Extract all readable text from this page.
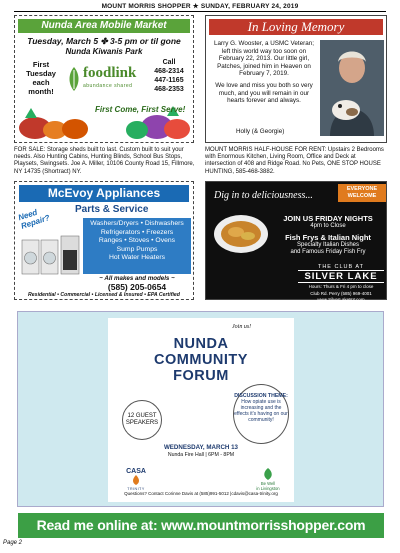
MOUNT MORRIS SHOPPER ★ SUNDAY, FEBRUARY 24, 2019
Nunda Area Mobile Market
Tuesday, March 5 ✤ 3-5 pm or til gone
Nunda Kiwanis Park
First
Tuesday
each
month!
foodlink
abundance shared
Call
468-2314
447-1165
468-2353
First Come, First Serve!
In Loving Memory

Larry G. Wooster, a USMC Veteran; left this world way too soon on February 22, 2013. Our little girl, Patches, joined him in Heaven on February 7, 2019.

We love and miss you both so very much, and you will remain in our hearts forever and always.

Holly (& Georgie)
FOR SALE: Storage sheds built to last. Custom built to suit your needs. Also Hunting Cabins, Hunting Blinds, School Bus Stops, Playsets, Swingsets. Joe A. Miller, 10106 County Road 15, Fillmore, NY 14735 (Shortract) NY.
MOUNT MORRIS HALF-HOUSE FOR RENT: Upstairs 2 Bedrooms with Enormous Kitchen, Living Room, Office and Deck at intersection of 408 and Ridge Road. No Pets, ONE STOP HOUSE HUNTING, 585-468-3882.
McEvoy Appliances
Parts & Service
Need Repair?	Washers/Dryers • Dishwashers
Refrigerators • Freezers
Ranges • Stoves • Ovens
Sump Pumps
Hot Water Heaters
~ All makes and models ~
(585) 205-0654
Residential • Commercial • Licensed & Insured • EPA Certified
Dig in to deliciousness...
EVERYONE WELCOME
JOIN US FRIDAY NIGHTS
4pm to Close
Fish Frys & Italian Night
Specialty Italian Dishes
and Famous Friday Fish Fry
THE CLUB AT
SILVER LAKE
Hours: Thurs & Fri 4 pm to close
Club Rd. Perry (585) 969-4001
www.SilverLakeNY.com
Join us!
NUNDA
COMMUNITY
FORUM
12 GUEST
SPEAKERS
DISCUSSION THEME:
How opiate use is increasing and the effects it's having on our community!
WEDNESDAY, MARCH 13
Nunda Fire Hall | 6PM - 8PM
CASA
TRINITY
Be Well
in Livingston
Questions? Contact Corinne Davis at (585)991-5012 |cdavis@casa-trinity.org
Read me online at: www.mountmorrisshopper.com
Page 2
